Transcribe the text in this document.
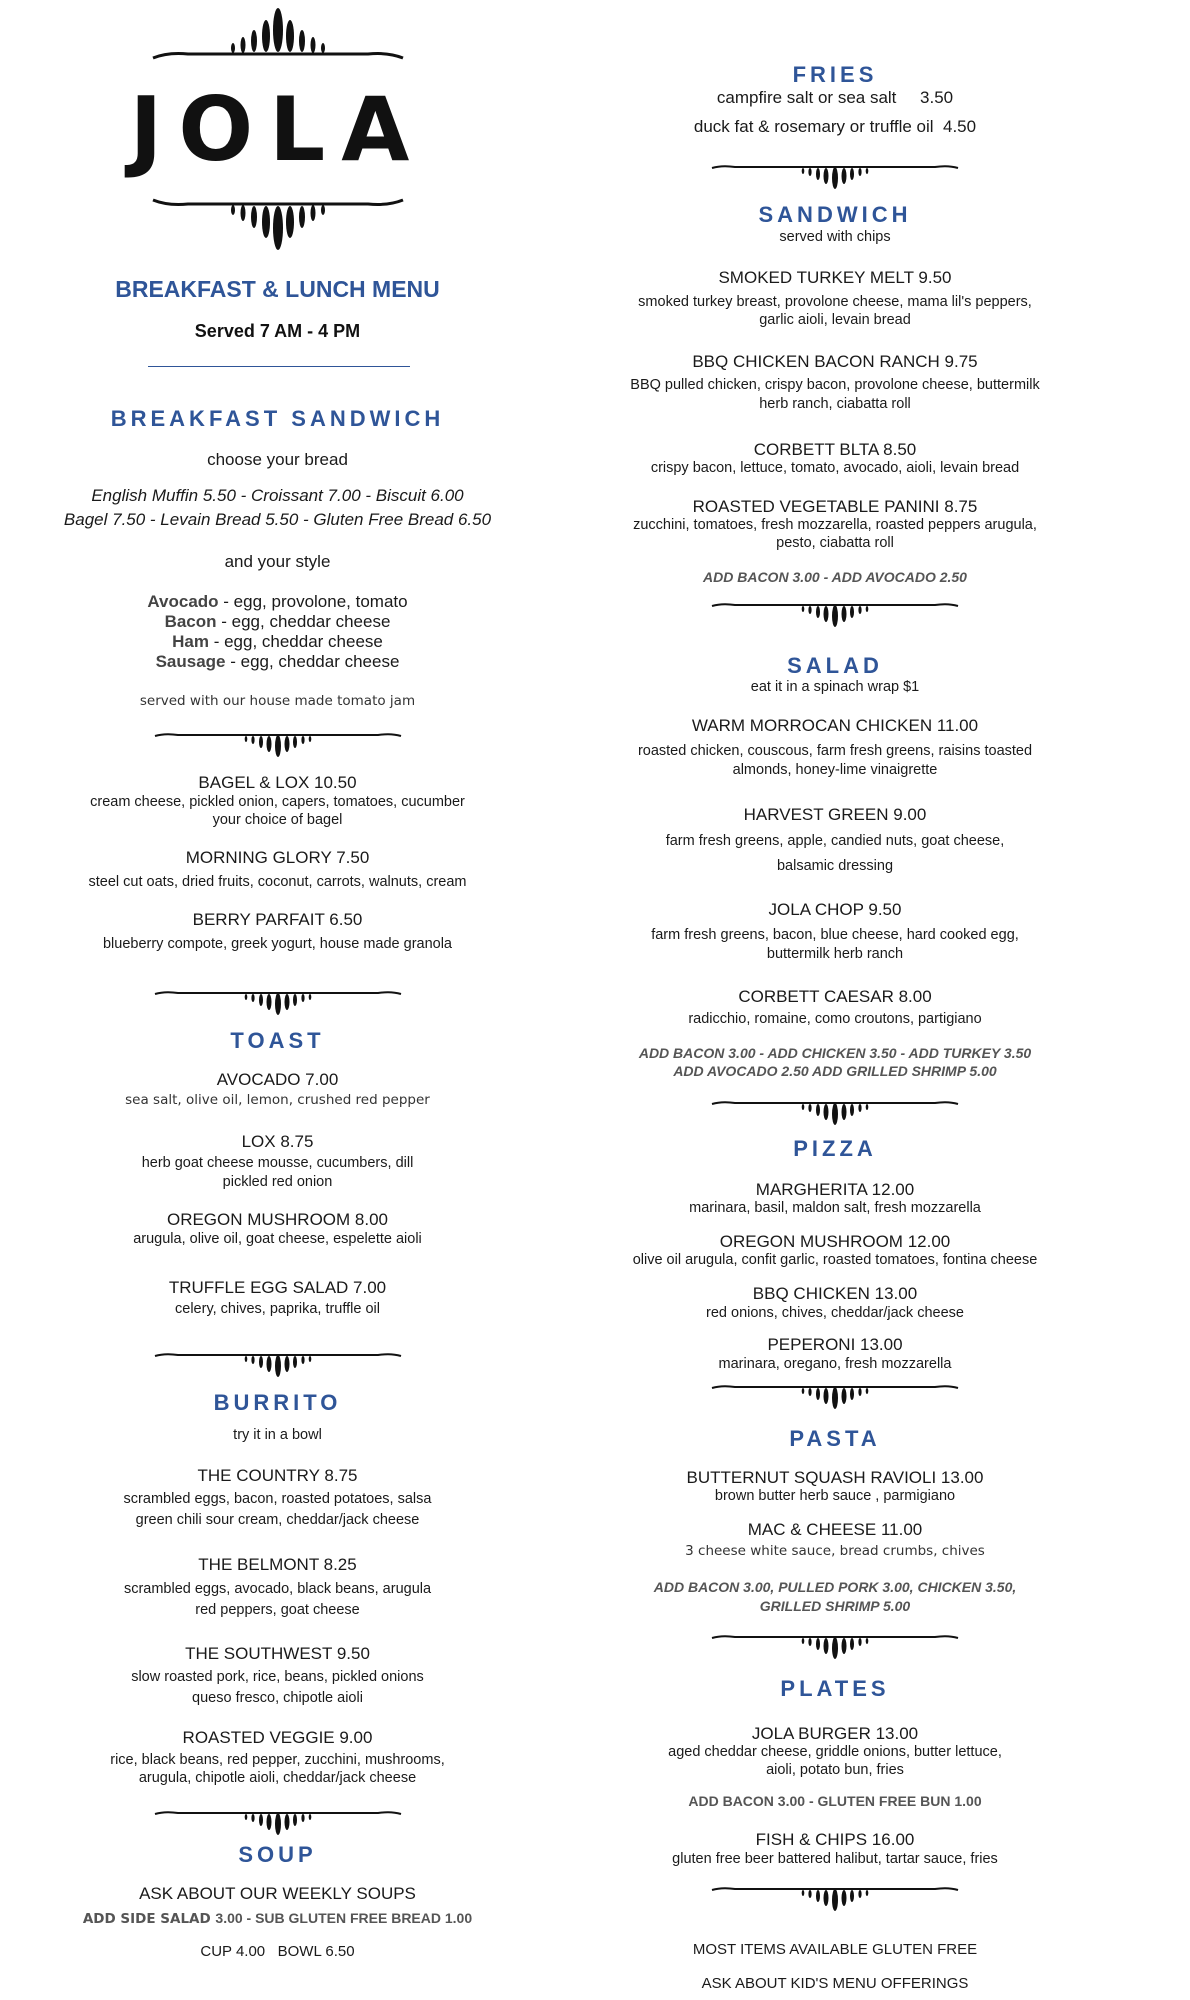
JOLA
BREAKFAST & LUNCH MENU
Served 7 AM - 4 PM
BREAKFAST SANDWICH
choose your bread
English Muffin 5.50 - Croissant 7.00 - Biscuit 6.00
Bagel 7.50 - Levain Bread 5.50 - Gluten Free Bread 6.50
and your style
Avocado - egg, provolone, tomato
Bacon - egg, cheddar cheese
Ham - egg, cheddar cheese
Sausage - egg, cheddar cheese
served with our house made tomato jam
BAGEL & LOX 10.50
cream cheese, pickled onion, capers, tomatoes, cucumber
your choice of bagel
MORNING GLORY 7.50
steel cut oats, dried fruits, coconut, carrots, walnuts, cream
BERRY PARFAIT 6.50
blueberry compote, greek yogurt, house made granola
TOAST
AVOCADO 7.00
sea salt, olive oil, lemon, crushed red pepper
LOX 8.75
herb goat cheese mousse, cucumbers, dill
pickled red onion
OREGON MUSHROOM 8.00
arugula, olive oil, goat cheese, espelette aioli
TRUFFLE EGG SALAD 7.00
celery, chives, paprika, truffle oil
BURRITO
try it in a bowl
THE COUNTRY 8.75
scrambled eggs, bacon, roasted potatoes, salsa
green chili sour cream, cheddar/jack cheese
THE BELMONT 8.25
scrambled eggs, avocado, black beans, arugula
red peppers, goat cheese
THE SOUTHWEST 9.50
slow roasted pork, rice, beans, pickled onions
queso fresco, chipotle aioli
ROASTED VEGGIE 9.00
rice, black beans, red pepper, zucchini, mushrooms,
arugula, chipotle aioli, cheddar/jack cheese
SOUP
ASK ABOUT OUR WEEKLY SOUPS
ADD SIDE SALAD 3.00 - SUB GLUTEN FREE BREAD 1.00
CUP 4.00   BOWL 6.50
FRIES
campfire salt or sea salt     3.50
duck fat & rosemary or truffle oil  4.50
SANDWICH
served with chips
SMOKED TURKEY MELT 9.50
smoked turkey breast, provolone cheese, mama lil's peppers,
garlic aioli, levain bread
BBQ CHICKEN BACON RANCH 9.75
BBQ pulled chicken, crispy bacon, provolone cheese, buttermilk
herb ranch, ciabatta roll
CORBETT BLTA 8.50
crispy bacon, lettuce, tomato, avocado, aioli, levain bread
ROASTED VEGETABLE PANINI 8.75
zucchini, tomatoes, fresh mozzarella, roasted peppers arugula,
pesto, ciabatta roll
ADD BACON 3.00 - ADD AVOCADO 2.50
SALAD
eat it in a spinach wrap $1
WARM MORROCAN CHICKEN 11.00
roasted chicken, couscous, farm fresh greens, raisins toasted
almonds, honey-lime vinaigrette
HARVEST GREEN 9.00
farm fresh greens, apple, candied nuts, goat cheese,
balsamic dressing
JOLA CHOP 9.50
farm fresh greens, bacon, blue cheese, hard cooked egg,
buttermilk herb ranch
CORBETT CAESAR 8.00
radicchio, romaine, como croutons, partigiano
ADD BACON 3.00 - ADD CHICKEN 3.50 - ADD TURKEY 3.50
ADD AVOCADO 2.50 ADD GRILLED SHRIMP 5.00
PIZZA
MARGHERITA 12.00
marinara, basil, maldon salt, fresh mozzarella
OREGON MUSHROOM 12.00
olive oil arugula, confit garlic, roasted tomatoes, fontina cheese
BBQ CHICKEN 13.00
red onions, chives, cheddar/jack cheese
PEPERONI 13.00
marinara, oregano, fresh mozzarella
PASTA
BUTTERNUT SQUASH RAVIOLI 13.00
brown butter herb sauce , parmigiano
MAC & CHEESE 11.00
3 cheese white sauce, bread crumbs, chives
ADD BACON 3.00, PULLED PORK 3.00, CHICKEN 3.50,
GRILLED SHRIMP 5.00
PLATES
JOLA BURGER 13.00
aged cheddar cheese, griddle onions, butter lettuce,
aioli, potato bun, fries
ADD BACON 3.00 - GLUTEN FREE BUN 1.00
FISH & CHIPS 16.00
gluten free beer battered halibut, tartar sauce, fries
MOST ITEMS AVAILABLE GLUTEN FREE
ASK ABOUT KID'S MENU OFFERINGS
